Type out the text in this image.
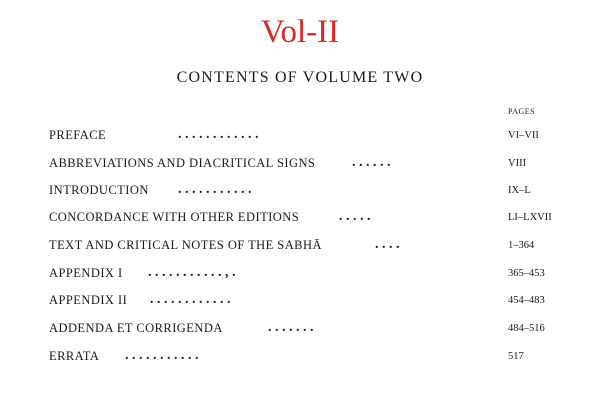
Vol-II
CONTENTS OF VOLUME TWO
PAGES
PREFACE	. . . . . . . . . . . .	VI–VII
ABBREVIATIONS AND DIACRITICAL SIGNS	. . . . . .	VIII
INTRODUCTION . . . . . . . . . . .	IX–L
CONCORDANCE WITH OTHER EDITIONS	. . . . .	LI–LXVII
TEXT AND CRITICAL NOTES OF THE SABHĀ	. . . .	1–364
APPENDIX I . . . . . . . . . . . , .	365–453
APPENDIX II . . . . . . . . . . . .	454–483
ADDENDA ET CORRIGENDA	. . . . . . .	484–516
ERRATA . . . . . . . . . . .	517
